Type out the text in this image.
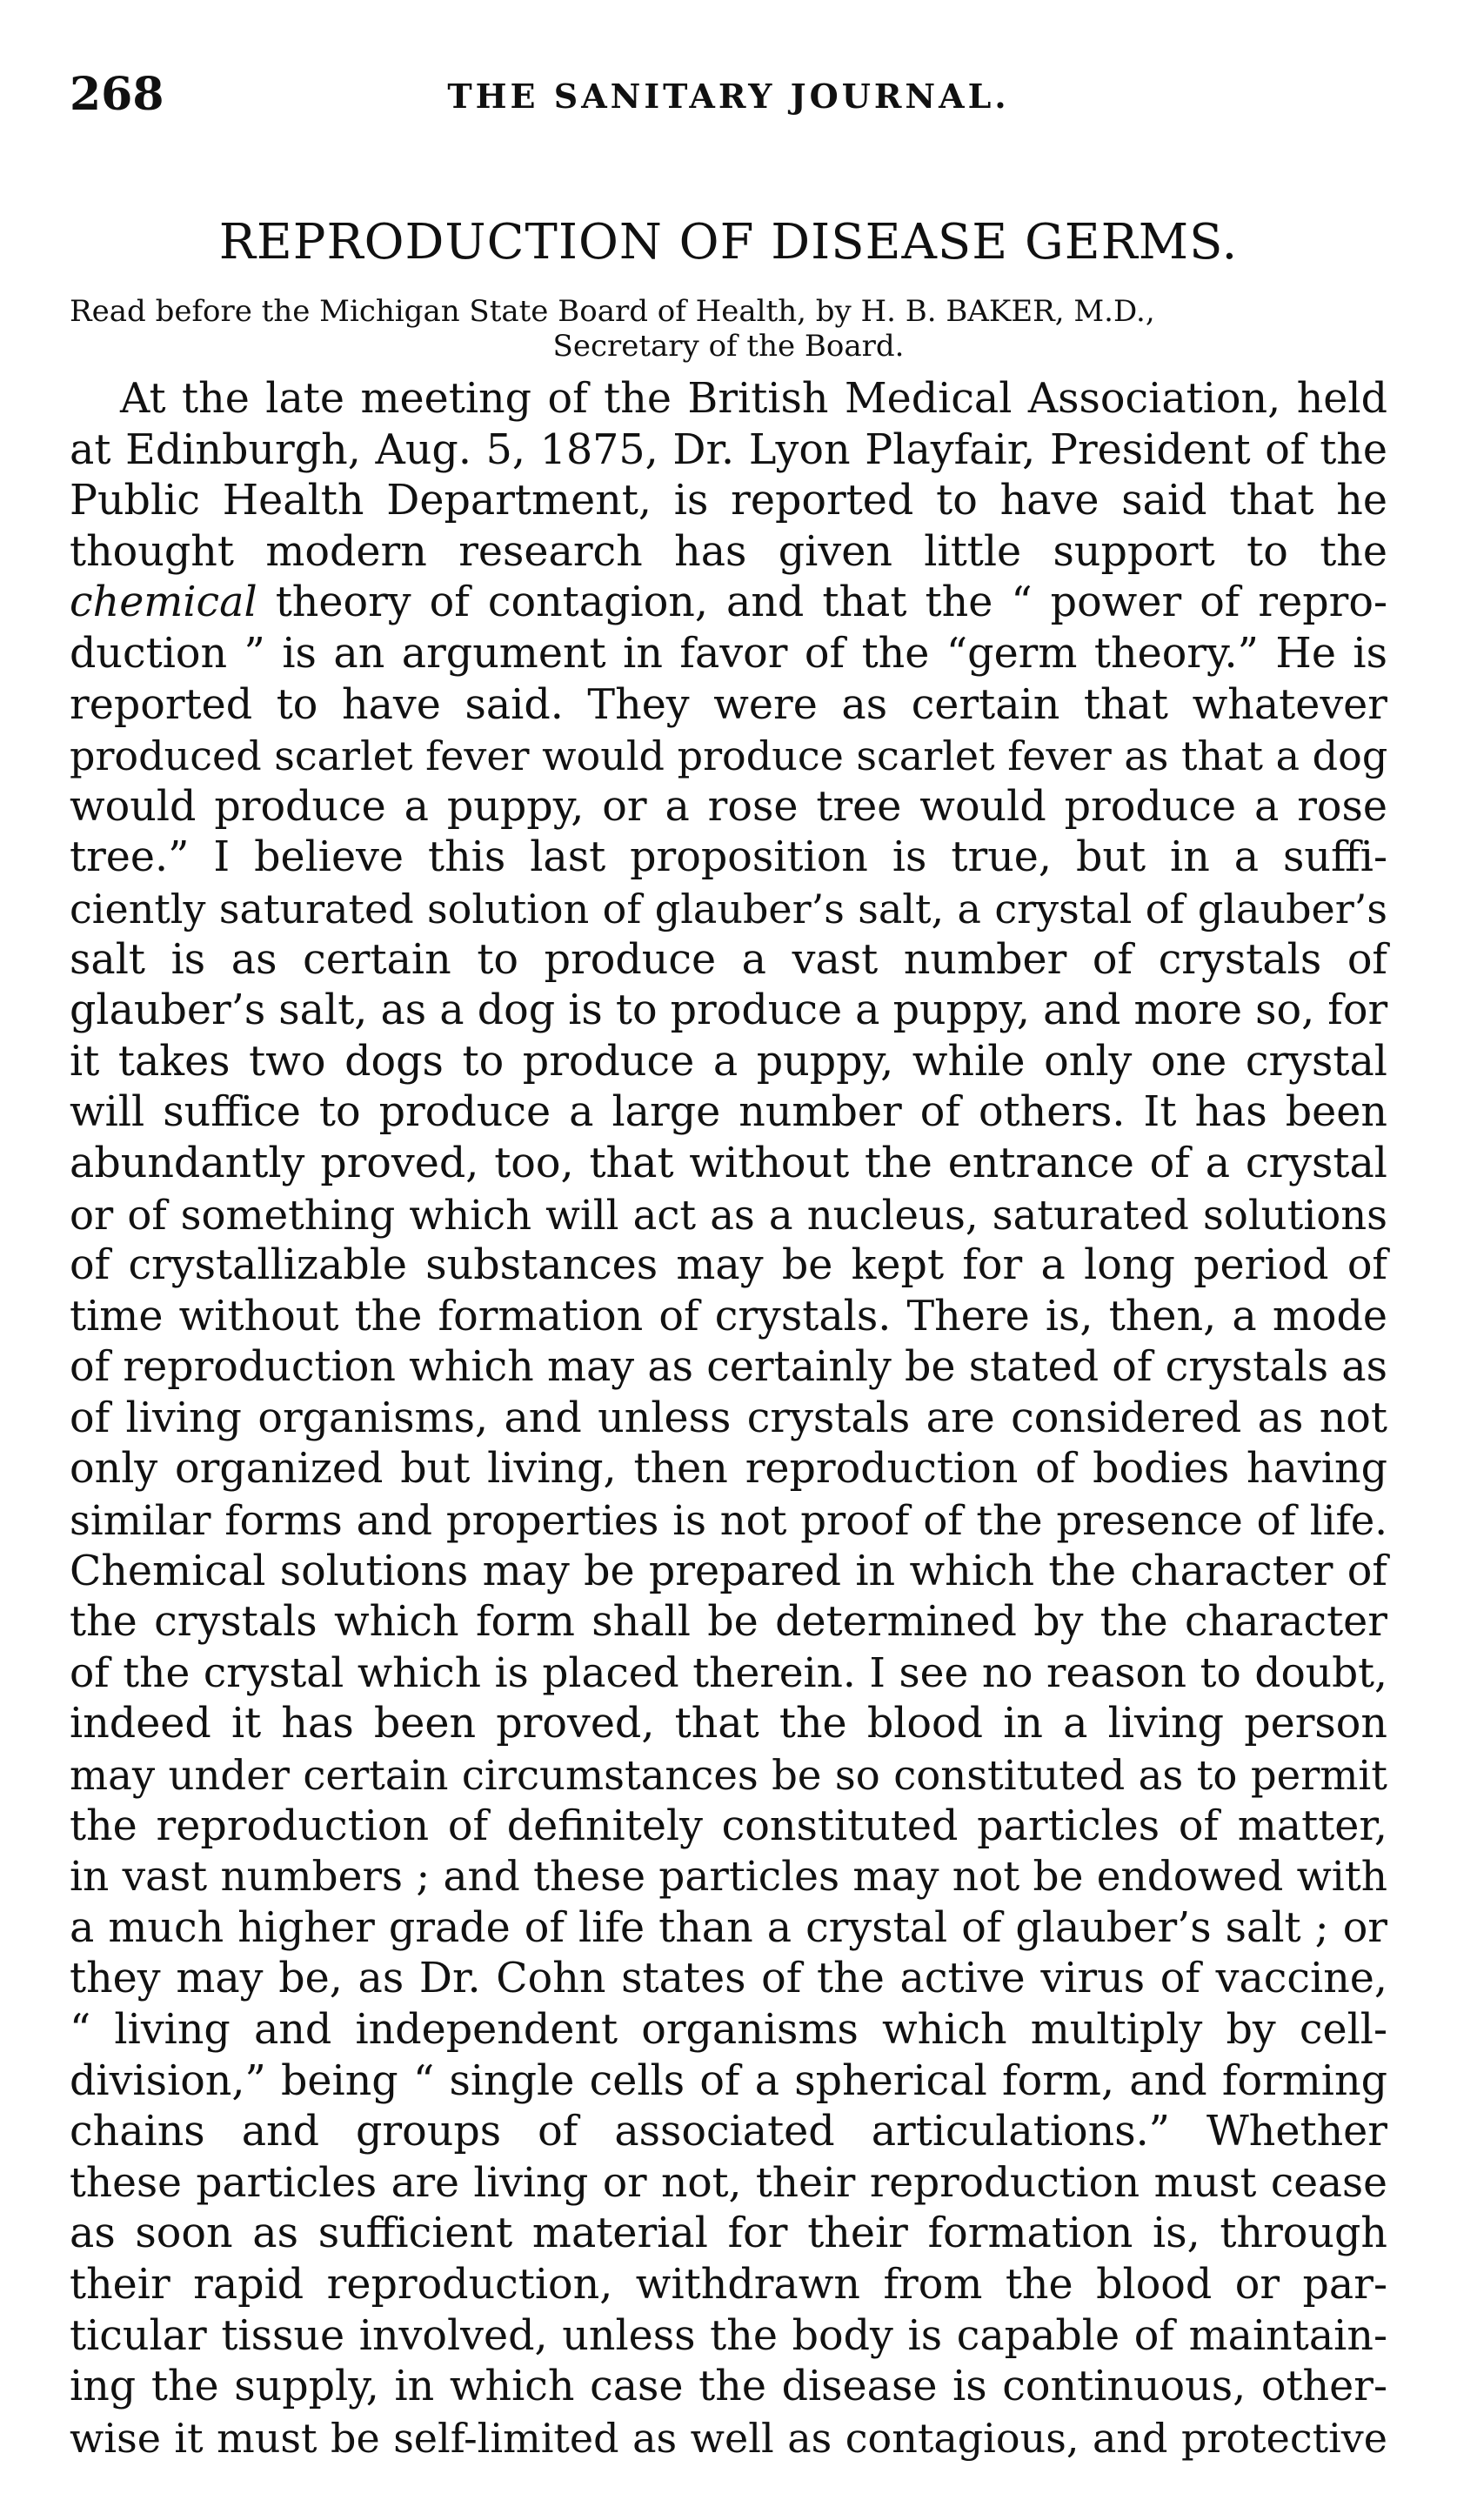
268	THE SANITARY JOURNAL.
REPRODUCTION OF DISEASE GERMS.
Read before the Michigan State Board of Health, by H. B. BAKER, M.D.,
Secretary of the Board.
At the late meeting of the British Medical Association, held
at Edinburgh, Aug. 5, 1875, Dr. Lyon Playfair, President of the
Public Health Department, is reported to have said that he
thought modern research has given little support to the
chemical theory of contagion, and that the “ power of repro-
duction ” is an argument in favor of the “germ theory.” He is
reported to have said. They were as certain that whatever
produced scarlet fever would produce scarlet fever as that a dog
would produce a puppy, or a rose tree would produce a rose
tree.” I believe this last proposition is true, but in a suffi-
ciently saturated solution of glauber’s salt, a crystal of glauber’s
salt is as certain to produce a vast number of crystals of
glauber’s salt, as a dog is to produce a puppy, and more so, for
it takes two dogs to produce a puppy, while only one crystal
will suffice to produce a large number of others. It has been
abundantly proved, too, that without the entrance of a crystal
or of something which will act as a nucleus, saturated solutions
of crystallizable substances may be kept for a long period of
time without the formation of crystals. There is, then, a mode
of reproduction which may as certainly be stated of crystals as
of living organisms, and unless crystals are considered as not
only organized but living, then reproduction of bodies having
similar forms and properties is not proof of the presence of life.
Chemical solutions may be prepared in which the character of
the crystals which form shall be determined by the character
of the crystal which is placed therein. I see no reason to doubt,
indeed it has been proved, that the blood in a living person
may under certain circumstances be so constituted as to permit
the reproduction of definitely constituted particles of matter,
in vast numbers ; and these particles may not be endowed with
a much higher grade of life than a crystal of glauber’s salt ; or
they may be, as Dr. Cohn states of the active virus of vaccine,
“ living and independent organisms which multiply by cell-
division,” being “ single cells of a spherical form, and forming
chains and groups of associated articulations.” Whether
these particles are living or not, their reproduction must cease
as soon as sufficient material for their formation is, through
their rapid reproduction, withdrawn from the blood or par-
ticular tissue involved, unless the body is capable of maintain-
ing the supply, in which case the disease is continuous, other-
wise it must be self-limited as well as contagious, and protective
